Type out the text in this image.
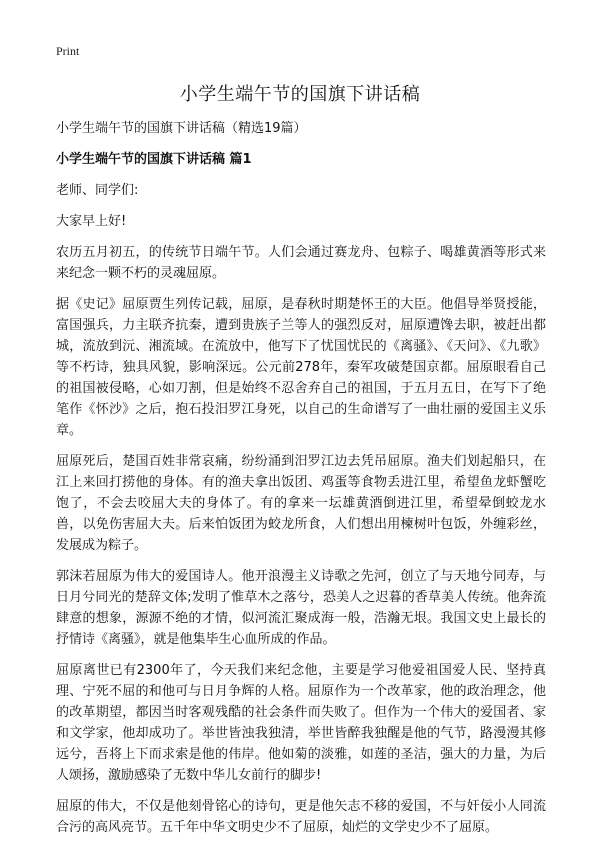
Print
小学生端午节的国旗下讲话稿

小学生端午节的国旗下讲话稿（精选19篇）

小学生端午节的国旗下讲话稿 篇1

老师、同学们:

大家早上好!

农历五月初五，的传统节日端午节。人们会通过赛龙舟、包粽子、喝雄黄酒等形式来来纪念一颗不朽的灵魂屈原。

据《史记》屈原贾生列传记载，屈原，是春秋时期楚怀王的大臣。他倡导举贤授能，富国强兵，力主联齐抗秦，遭到贵族子兰等人的强烈反对，屈原遭馋去职，被赶出都城，流放到沅、湘流域。在流放中，他写下了忧国忧民的《离骚》、《天问》、《九歌》等不朽诗，独具风貌，影响深远。公元前278年，秦军攻破楚国京都。屈原眼看自己的祖国被侵略，心如刀割，但是始终不忍舍弃自己的祖国，于五月五日，在写下了绝笔作《怀沙》之后，抱石投汨罗江身死，以自己的生命谱写了一曲壮丽的爱国主义乐章。

屈原死后，楚国百姓非常哀痛，纷纷涌到汨罗江边去凭吊屈原。渔夫们划起船只，在江上来回打捞他的身体。有的渔夫拿出饭团、鸡蛋等食物丢进江里，希望鱼龙虾蟹吃饱了，不会去咬屈大夫的身体了。有的拿来一坛雄黄酒倒进江里，希望晕倒蛟龙水兽，以免伤害屈大夫。后来怕饭团为蛟龙所食，人们想出用楝树叶包饭，外缠彩丝，发展成为粽子。

郭沫若屈原为伟大的爱国诗人。他开浪漫主义诗歌之先河，创立了与天地兮同寿，与日月兮同光的楚辞文体;发明了惟草木之落兮，恐美人之迟暮的香草美人传统。他奔流肆意的想象，源源不绝的才情，似河流汇聚成海一般，浩瀚无垠。我国文史上最长的抒情诗《离骚》，就是他集毕生心血所成的作品。

屈原离世已有2300年了，今天我们来纪念他，主要是学习他爱祖国爱人民、坚持真理、宁死不屈的和他可与日月争辉的人格。屈原作为一个改革家，他的政治理念，他的改革期望，都因当时客观残酷的社会条件而失败了。但作为一个伟大的爱国者、家和文学家，他却成功了。举世皆浊我独清，举世皆醉我独醒是他的气节，路漫漫其修远兮，吾将上下而求索是他的伟岸。他如菊的淡雅，如莲的圣洁，强大的力量，为后人颂扬，激励感染了无数中华儿女前行的脚步!

屈原的伟大，不仅是他刻骨铭心的诗句，更是他矢志不移的爱国，不与奸佞小人同流合污的高风亮节。五千年中华文明史少不了屈原，灿烂的文学史少不了屈原。
